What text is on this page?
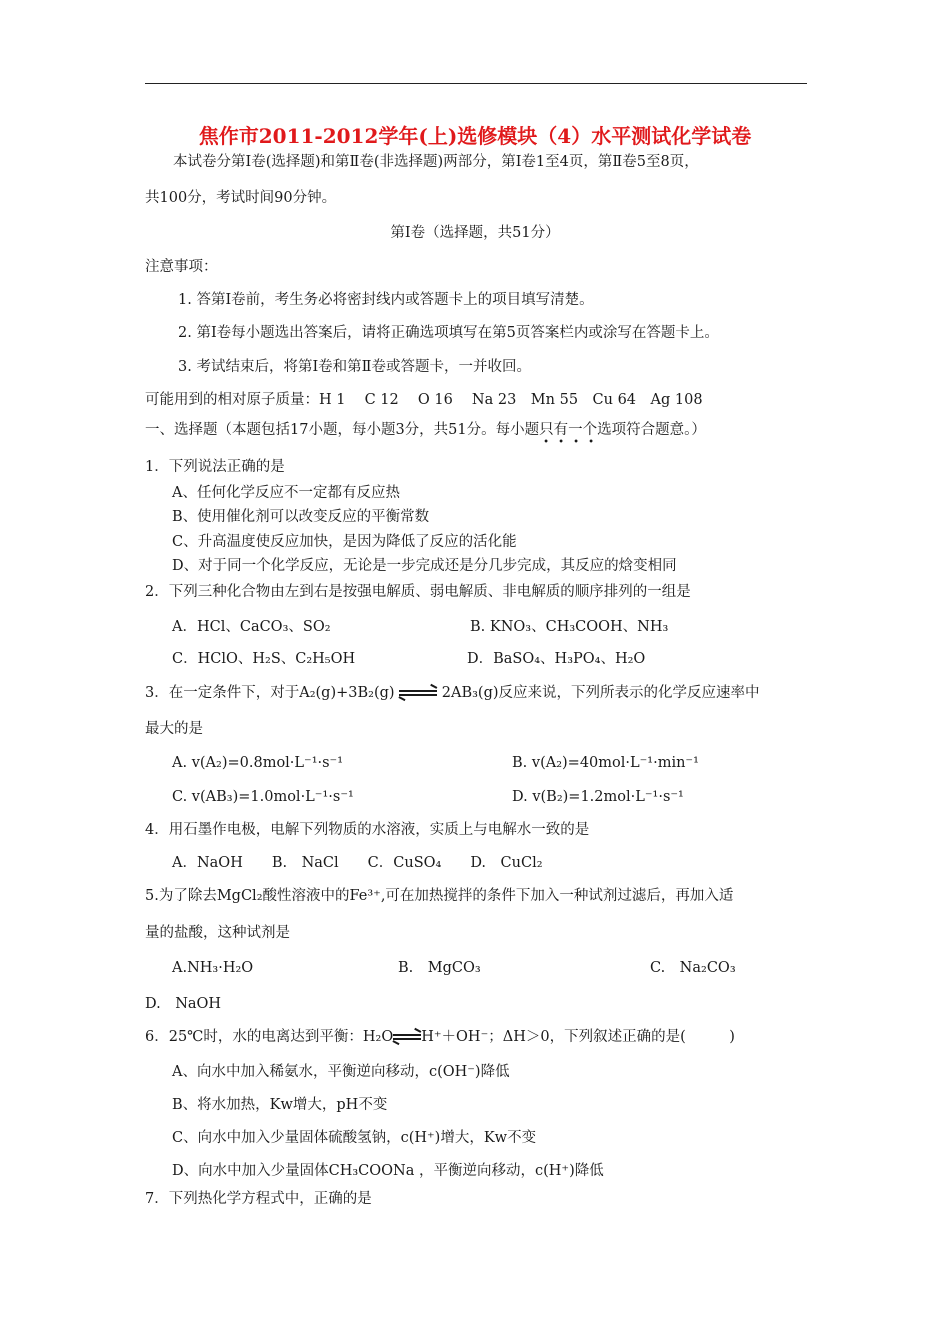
焦作市2011-2012学年(上)选修模块（4）水平测试化学试卷
本试卷分第Ⅰ卷(选择题)和第Ⅱ卷(非选择题)两部分，第Ⅰ卷1至4页，第Ⅱ卷5至8页，
共100分，考试时间90分钟。
第Ⅰ卷（选择题，共51分）
注意事项：
1. 答第Ⅰ卷前，考生务必将密封线内或答题卡上的项目填写清楚。
2. 第Ⅰ卷每小题选出答案后，请将正确选项填写在第5页答案栏内或涂写在答题卡上。
3. 考试结束后，将第Ⅰ卷和第Ⅱ卷或答题卡，一并收回。
可能用到的相对原子质量：H 1　 C 12　 O 16　 Na 23　Mn 55　Cu 64　Ag 108
一、选择题（本题包括17小题，每小题3分，共51分。每小题只有一个
• • • •
选项符合题意。）
1．下列说法正确的是
A、任何化学反应不一定都有反应热
B、使用催化剂可以改变反应的平衡常数
C、升高温度使反应加快，是因为降低了反应的活化能
D、对于同一个化学反应，无论是一步完成还是分几步完成，其反应的焓变相同
2．下列三种化合物由左到右是按强电解质、弱电解质、非电解质的顺序排列的一组是
A．HCl、CaCO₃、SO₂	B. KNO₃、CH₃COOH、NH₃
C．HClO、H₂S、C₂H₅OH	D．BaSO₄、H₃PO₄、H₂O
3．在一定条件下，对于A₂(g)+3B₂(g)	2AB₃(g)反应来说，下列所表示的化学反应速率中
最大的是
A. v(A₂)=0.8mol·L⁻¹·s⁻¹	B. v(A₂)=40mol·L⁻¹·min⁻¹
C. v(AB₃)=1.0mol·L⁻¹·s⁻¹	D. v(B₂)=1.2mol·L⁻¹·s⁻¹
4．用石墨作电极，电解下列物质的水溶液，实质上与电解水一致的是
A．NaOH　　B.　NaCl　　C．CuSO₄　　D.　CuCl₂
5.为了除去MgCl₂酸性溶液中的Fe³⁺,可在加热搅拌的条件下加入一种试剂过滤后，再加入适
量的盐酸，这种试剂是
A.NH₃·H₂O	B.　MgCO₃	C.　Na₂CO₃
D.　NaOH
6．25℃时，水的电离达到平衡：H₂O H⁺＋OH⁻；ΔH＞0，下列叙述正确的是(　　　)
A、向水中加入稀氨水，平衡逆向移动，c(OH⁻)降低
B、将水加热，Kw增大，pH不变
C、向水中加入少量固体硫酸氢钠，c(H⁺)增大，Kw不变
D、向水中加入少量固体CH₃COONa ，平衡逆向移动，c(H⁺)降低
7．下列热化学方程式中，正确的是
